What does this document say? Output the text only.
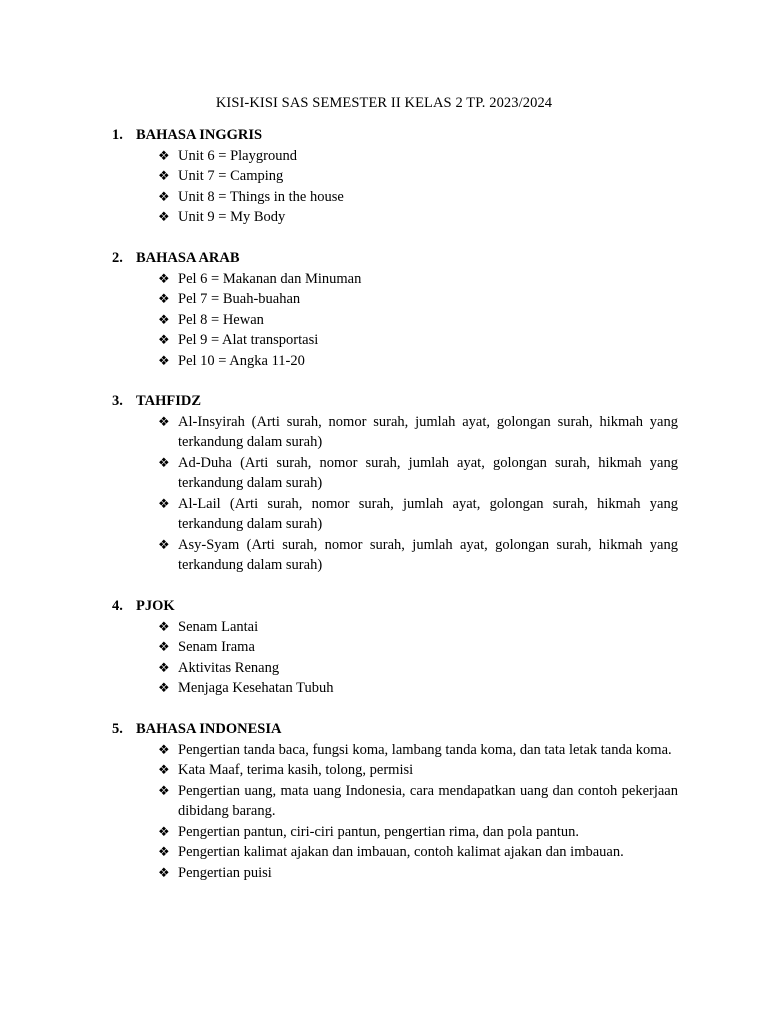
KISI-KISI SAS SEMESTER II KELAS 2 TP. 2023/2024
1. BAHASA INGGRIS
❖ Unit 6 = Playground
❖ Unit 7 = Camping
❖ Unit 8 = Things in the house
❖ Unit 9 = My Body
2. BAHASA ARAB
❖ Pel 6 = Makanan dan Minuman
❖ Pel 7 = Buah-buahan
❖ Pel 8 = Hewan
❖ Pel 9 = Alat transportasi
❖ Pel 10 = Angka 11-20
3. TAHFIDZ
❖ Al-Insyirah (Arti surah, nomor surah, jumlah ayat, golongan surah, hikmah yang terkandung dalam surah)
❖ Ad-Duha (Arti surah, nomor surah, jumlah ayat, golongan surah, hikmah yang terkandung dalam surah)
❖ Al-Lail (Arti surah, nomor surah, jumlah ayat, golongan surah, hikmah yang terkandung dalam surah)
❖ Asy-Syam (Arti surah, nomor surah, jumlah ayat, golongan surah, hikmah yang terkandung dalam surah)
4. PJOK
❖ Senam Lantai
❖ Senam Irama
❖ Aktivitas Renang
❖ Menjaga Kesehatan Tubuh
5. BAHASA INDONESIA
❖ Pengertian tanda baca, fungsi koma, lambang tanda koma, dan tata letak tanda koma.
❖ Kata Maaf, terima kasih, tolong, permisi
❖ Pengertian uang, mata uang Indonesia, cara mendapatkan uang dan contoh pekerjaan dibidang barang.
❖ Pengertian pantun, ciri-ciri pantun, pengertian rima, dan pola pantun.
❖ Pengertian kalimat ajakan dan imbauan, contoh kalimat ajakan dan imbauan.
❖ Pengertian puisi
